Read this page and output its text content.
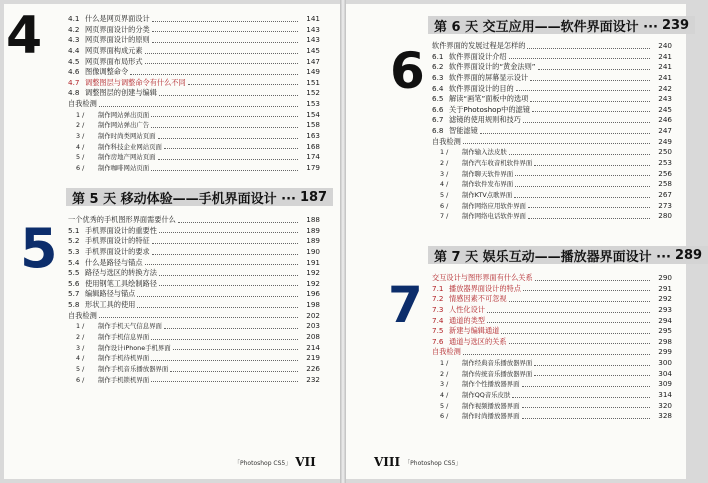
4	4.1 什么是网页界面设计	141
4.2 网页界面设计的分类	143
4.3 网页界面设计的原则	143
4.4 网页界面构成元素	145
4.5 网页界面布局形式	147
4.6 图像调整命令	149
4.7 调整图层与调整命令有什么不同	151
4.8 调整图层的创建与编辑	152
自我检测	153
1 /	制作网站弹出页面	154
2 /	制作网站弹出广告	158
3 /	制作时尚类网站页面	163
4 /	制作科技企业网站页面	168
5 /	制作房地产网站页面	174
6 /	制作咖啡网站页面	179
第 5 天 移动体验——手机界面设计 ··· 187
5 一个优秀的手机图形界面需要什么	188
5.1 手机界面设计的重要性	189
5.2 手机界面设计的特征	189
5.3 手机界面设计的要求	190
5.4 什么是路径与锚点	191
5.5 路径与选区的转换方法	192
5.6 使用钢笔工具绘制路径	192
5.7 编辑路径与锚点	196
5.8 形状工具的使用	198
自我检测	202
1 /	制作手机天气信息界面	203
2 /	制作手机信息界面	208
3 /	制作设计iPhone手机界面	214
4 /	制作手机待机界面	219
5 /	制作手机音乐播放器界面	226
6 /	制作手机锁机界面	232
「Photoshop CS5」 VII
第 6 天 交互应用——软件界面设计 ··· 239
6 软件界面的发展过程是怎样的	240
6.1 软件界面设计介绍	241
6.2 软件界面设计的“黄金法则”	241
6.3 软件界面的屏幕显示设计	241
6.4 软件界面设计的目的	242
6.5 解读“画笔”面板中的选项	243
6.6 关于Photoshop中的滤镜	245
6.7 滤镜的使用规则和技巧	246
6.8 智能滤镜	247
自我检测	249
1 /	制作输入法皮肤	250
2 /	制作汽车收音机软件界面	253
3 /	制作聊天软件界面	256
4 /	制作软件发布界面	258
5 /	制作KTV点歌界面	267
6 /	制作网络应用软件界面	273
7 /	制作网络电话软件界面	280
第 7 天 娱乐互动——播放器界面设计 ··· 289
7 交互设计与图形界面有什么关系	290
7.1 播放器界面设计的特点	291
7.2 情感因素不可忽视	292
7.3 人性化设计	293
7.4 通道的类型	294
7.5 新建与编辑通道	295
7.6 通道与选区的关系	298
自我检测	299
1 /	制作经典音乐播放器界面	300
2 /	制作传统音乐播放器界面	304
3 /	制作个性播放器界面	309
4 /	制作QQ音乐皮肤	314
5 /	制作视频播放器界面	320
6 /	制作时尚播放器界面	328
VIII 「Photoshop CS5」
